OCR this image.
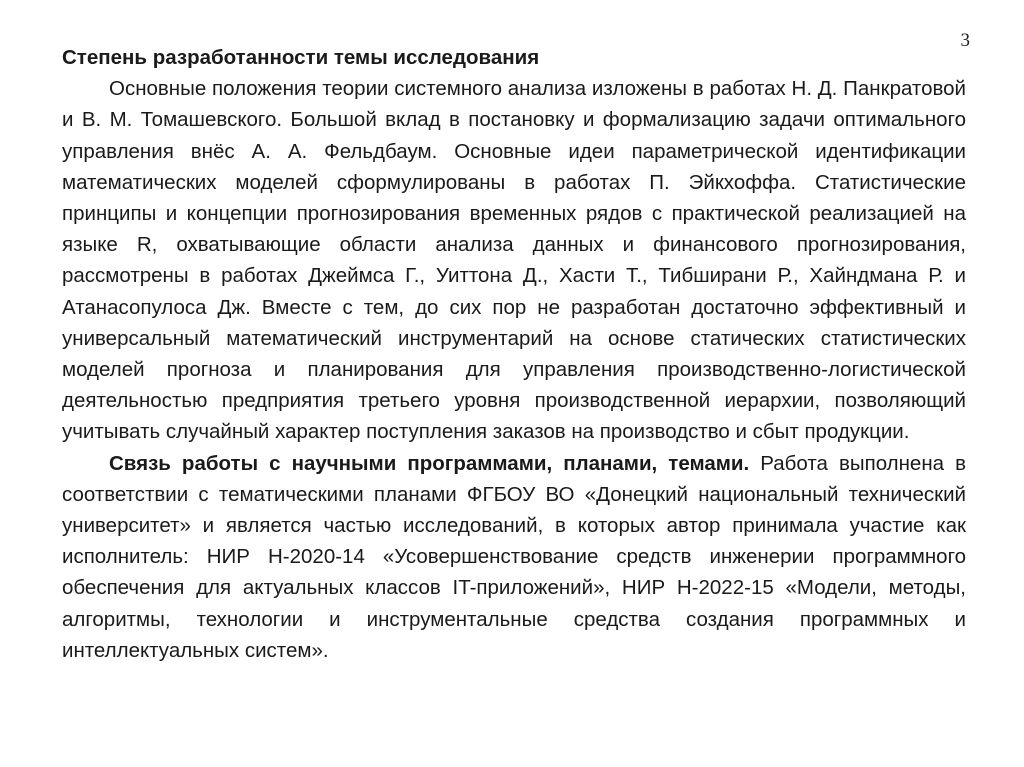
3

Степень разработанности темы исследования

Основные положения теории системного анализа изложены в работах Н. Д. Панкратовой и В. М. Томашевского. Большой вклад в постановку и формализацию задачи оптимального управления внёс А. А. Фельдбаум. Основные идеи параметрической идентификации математических моделей сформулированы в работах П. Эйкхоффа. Статистические принципы и концепции прогнозирования временных рядов с практической реализацией на языке R, охватывающие области анализа данных и финансового прогнозирования, рассмотрены в работах Джеймса Г., Уиттона Д., Хасти Т., Тибширани Р., Хайндмана Р. и Атанасопулоса Дж. Вместе с тем, до сих пор не разработан достаточно эффективный и универсальный математический инструментарий на основе статических статистических моделей прогноза и планирования для управления производственно-логистической деятельностью предприятия третьего уровня производственной иерархии, позволяющий учитывать случайный характер поступления заказов на производство и сбыт продукции.

Связь работы с научными программами, планами, темами. Работа выполнена в соответствии с тематическими планами ФГБОУ ВО «Донецкий национальный технический университет» и является частью исследований, в которых автор принимала участие как исполнитель: НИР Н-2020-14 «Усовершенствование средств инженерии программного обеспечения для актуальных классов IT-приложений», НИР Н-2022-15 «Модели, методы, алгоритмы, технологии и инструментальные средства создания программных и интеллектуальных систем».
